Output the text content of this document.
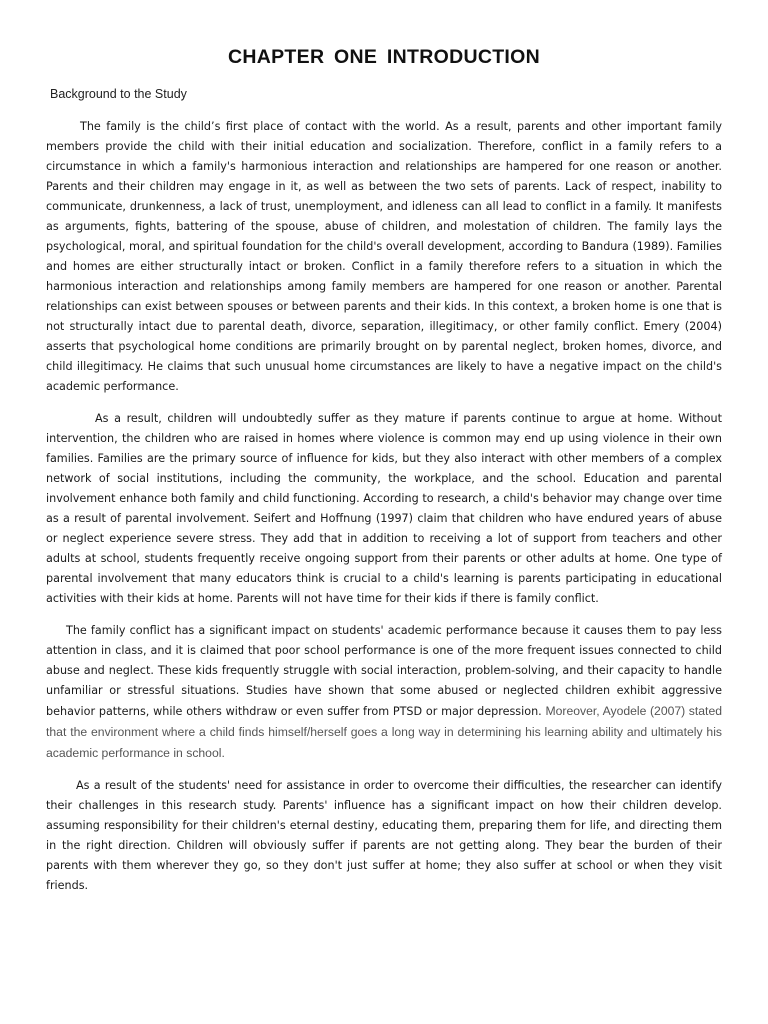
CHAPTER ONE INTRODUCTION
Background to the Study

The family is the child’s first place of contact with the world. As a result, parents and other important family members provide the child with their initial education and socialization. Therefore, conflict in a family refers to a circumstance in which a family's harmonious interaction and relationships are hampered for one reason or another. Parents and their children may engage in it, as well as between the two sets of parents. Lack of respect, inability to communicate, drunkenness, a lack of trust, unemployment, and idleness can all lead to conflict in a family. It manifests as arguments, fights, battering of the spouse, abuse of children, and molestation of children. The family lays the psychological, moral, and spiritual foundation for the child's overall development, according to Bandura (1989). Families and homes are either structurally intact or broken. Conflict in a family therefore refers to a situation in which the harmonious interaction and relationships among family members are hampered for one reason or another. Parental relationships can exist between spouses or between parents and their kids. In this context, a broken home is one that is not structurally intact due to parental death, divorce, separation, illegitimacy, or other family conflict. Emery (2004) asserts that psychological home conditions are primarily brought on by parental neglect, broken homes, divorce, and child illegitimacy. He claims that such unusual home circumstances are likely to have a negative impact on the child's academic performance.

As a result, children will undoubtedly suffer as they mature if parents continue to argue at home. Without intervention, the children who are raised in homes where violence is common may end up using violence in their own families. Families are the primary source of influence for kids, but they also interact with other members of a complex network of social institutions, including the community, the workplace, and the school. Education and parental involvement enhance both family and child functioning. According to research, a child's behavior may change over time as a result of parental involvement. Seifert and Hoffnung (1997) claim that children who have endured years of abuse or neglect experience severe stress. They add that in addition to receiving a lot of support from teachers and other adults at school, students frequently receive ongoing support from their parents or other adults at home. One type of parental involvement that many educators think is crucial to a child's learning is parents participating in educational activities with their kids at home. Parents will not have time for their kids if there is family conflict.

The family conflict has a significant impact on students' academic performance because it causes them to pay less attention in class, and it is claimed that poor school performance is one of the more frequent issues connected to child abuse and neglect. These kids frequently struggle with social interaction, problem-solving, and their capacity to handle unfamiliar or stressful situations. Studies have shown that some abused or neglected children exhibit aggressive behavior patterns, while others withdraw or even suffer from PTSD or major depression. Moreover, Ayodele (2007) stated that the environment where a child finds himself/herself goes a long way in determining his learning ability and ultimately his academic performance in school.

As a result of the students' need for assistance in order to overcome their difficulties, the researcher can identify their challenges in this research study. Parents' influence has a significant impact on how their children develop. assuming responsibility for their children's eternal destiny, educating them, preparing them for life, and directing them in the right direction. Children will obviously suffer if parents are not getting along. They bear the burden of their parents with them wherever they go, so they don't just suffer at home; they also suffer at school or when they visit friends.
